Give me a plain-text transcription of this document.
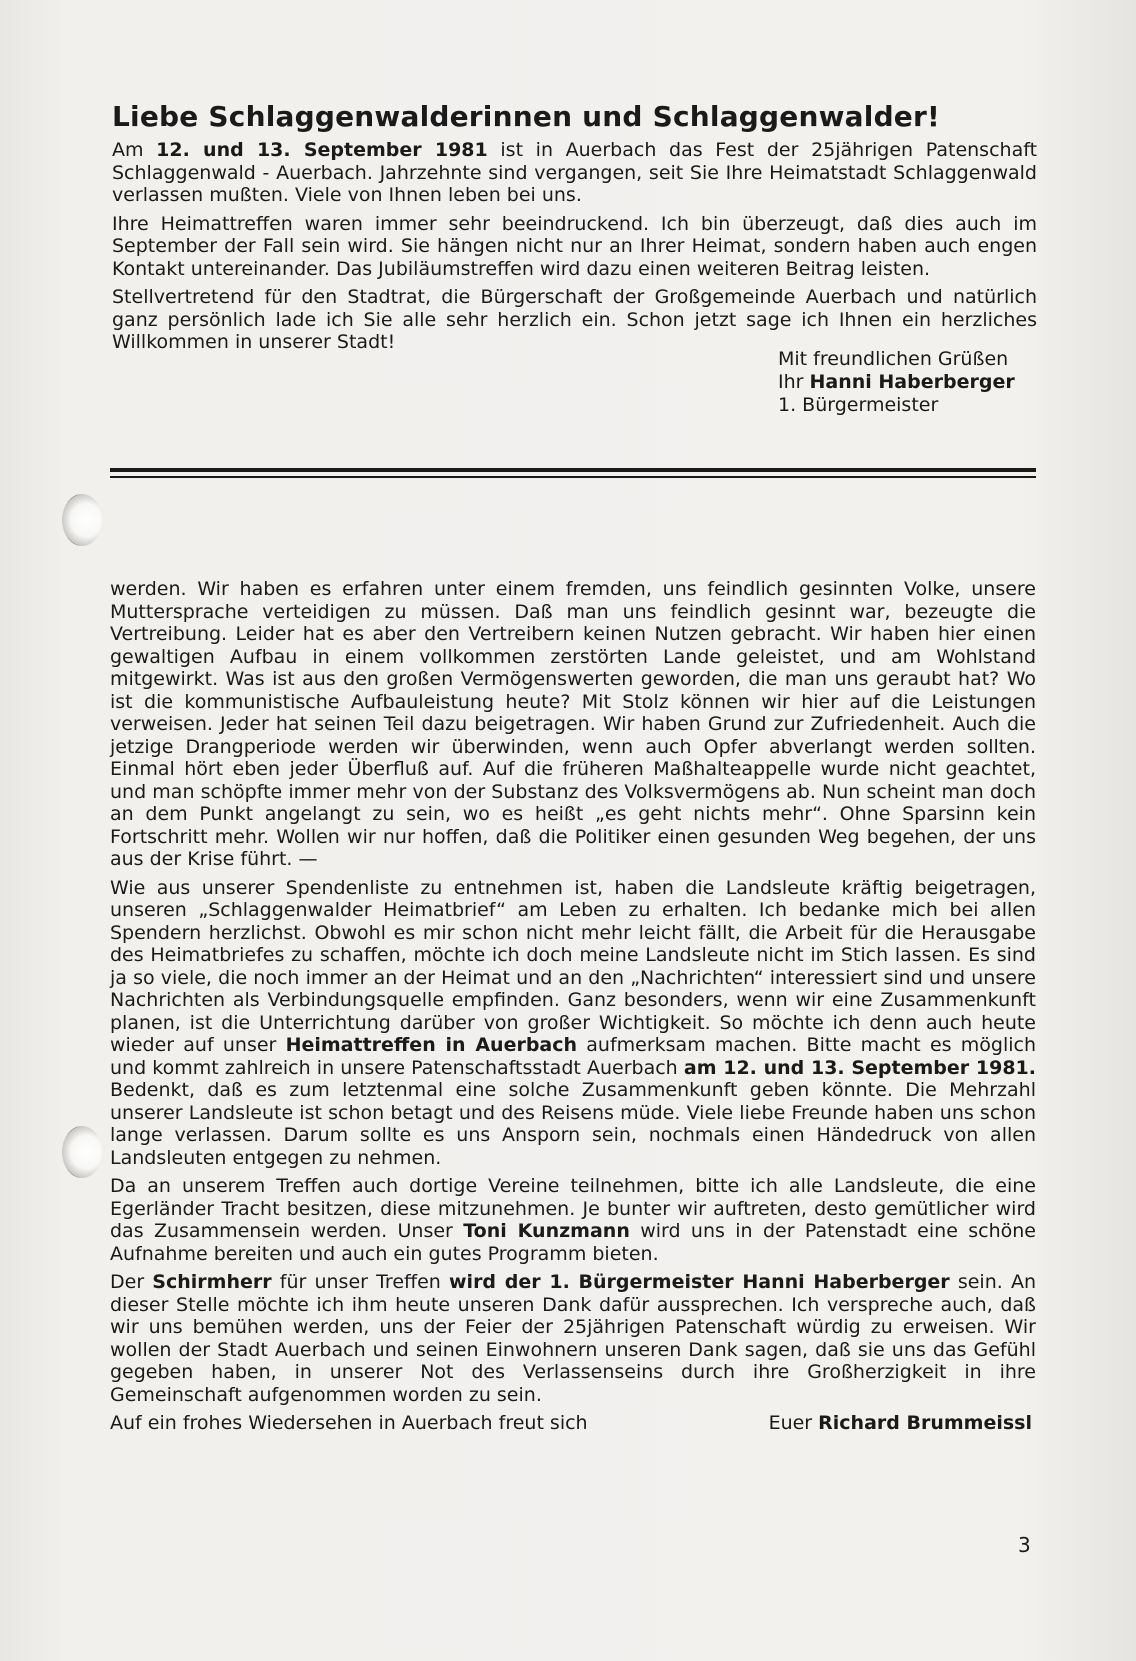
Liebe Schlaggenwalderinnen und Schlaggenwalder!

Am 12. und 13. September 1981 ist in Auerbach das Fest der 25jährigen Patenschaft Schlaggenwald - Auerbach. Jahrzehnte sind vergangen, seit Sie Ihre Heimatstadt Schlaggenwald verlassen mußten. Viele von Ihnen leben bei uns.

Ihre Heimattreffen waren immer sehr beeindruckend. Ich bin überzeugt, daß dies auch im September der Fall sein wird. Sie hängen nicht nur an Ihrer Heimat, sondern haben auch engen Kontakt untereinander. Das Jubiläumstreffen wird dazu einen weiteren Beitrag leisten.

Stellvertretend für den Stadtrat, die Bürgerschaft der Großgemeinde Auerbach und natürlich ganz persönlich lade ich Sie alle sehr herzlich ein. Schon jetzt sage ich Ihnen ein herzliches Willkommen in unserer Stadt!

Mit freundlichen Grüßen
Ihr Hanni Haberberger
1. Bürgermeister

werden. Wir haben es erfahren unter einem fremden, uns feindlich gesinnten Volke, unsere Muttersprache verteidigen zu müssen. Daß man uns feindlich gesinnt war, bezeugte die Vertreibung. Leider hat es aber den Vertreibern keinen Nutzen gebracht. Wir haben hier einen gewaltigen Aufbau in einem vollkommen zerstörten Lande geleistet, und am Wohlstand mitgewirkt. Was ist aus den großen Vermögenswerten geworden, die man uns geraubt hat? Wo ist die kommunistische Aufbauleistung heute? Mit Stolz können wir hier auf die Leistungen verweisen. Jeder hat seinen Teil dazu beigetragen. Wir haben Grund zur Zufriedenheit. Auch die jetzige Drangperiode werden wir überwinden, wenn auch Opfer abverlangt werden sollten. Einmal hört eben jeder Überfluß auf. Auf die früheren Maßhalteappelle wurde nicht geachtet, und man schöpfte immer mehr von der Substanz des Volksvermögens ab. Nun scheint man doch an dem Punkt angelangt zu sein, wo es heißt „es geht nichts mehr“. Ohne Sparsinn kein Fortschritt mehr. Wollen wir nur hoffen, daß die Politiker einen gesunden Weg begehen, der uns aus der Krise führt. —

Wie aus unserer Spendenliste zu entnehmen ist, haben die Landsleute kräftig beigetragen, unseren „Schlaggenwalder Heimatbrief“ am Leben zu erhalten. Ich bedanke mich bei allen Spendern herzlichst. Obwohl es mir schon nicht mehr leicht fällt, die Arbeit für die Herausgabe des Heimatbriefes zu schaffen, möchte ich doch meine Landsleute nicht im Stich lassen. Es sind ja so viele, die noch immer an der Heimat und an den „Nachrichten“ interessiert sind und unsere Nachrichten als Verbindungsquelle empfinden. Ganz besonders, wenn wir eine Zusammenkunft planen, ist die Unterrichtung darüber von großer Wichtigkeit. So möchte ich denn auch heute wieder auf unser Heimattreffen in Auerbach aufmerksam machen. Bitte macht es möglich und kommt zahlreich in unsere Patenschaftsstadt Auerbach am 12. und 13. September 1981. Bedenkt, daß es zum letztenmal eine solche Zusammenkunft geben könnte. Die Mehrzahl unserer Landsleute ist schon betagt und des Reisens müde. Viele liebe Freunde haben uns schon lange verlassen. Darum sollte es uns Ansporn sein, nochmals einen Händedruck von allen Landsleuten entgegen zu nehmen.

Da an unserem Treffen auch dortige Vereine teilnehmen, bitte ich alle Landsleute, die eine Egerländer Tracht besitzen, diese mitzunehmen. Je bunter wir auftreten, desto gemütlicher wird das Zusammensein werden. Unser Toni Kunzmann wird uns in der Patenstadt eine schöne Aufnahme bereiten und auch ein gutes Programm bieten.

Der Schirmherr für unser Treffen wird der 1. Bürgermeister Hanni Haberberger sein. An dieser Stelle möchte ich ihm heute unseren Dank dafür aussprechen. Ich verspreche auch, daß wir uns bemühen werden, uns der Feier der 25jährigen Patenschaft würdig zu erweisen. Wir wollen der Stadt Auerbach und seinen Einwohnern unseren Dank sagen, daß sie uns das Gefühl gegeben haben, in unserer Not des Verlassenseins durch ihre Großherzigkeit in ihre Gemeinschaft aufgenommen worden zu sein.

Auf ein frohes Wiedersehen in Auerbach freut sich	Euer Richard Brummeissl
3
